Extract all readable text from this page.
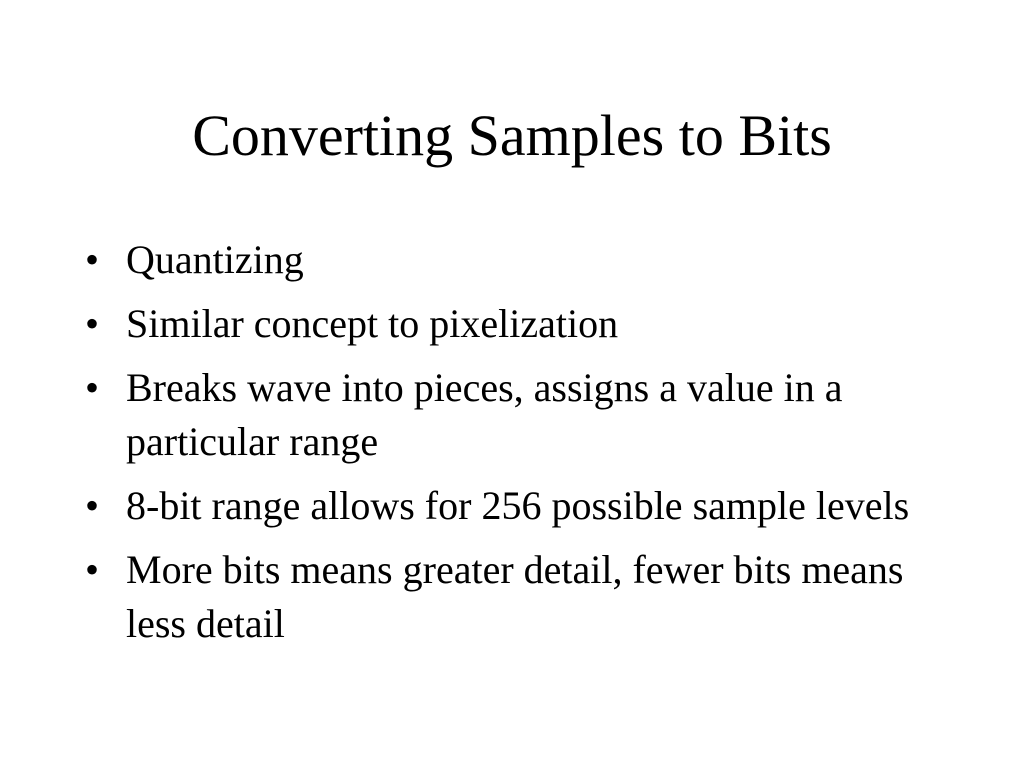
Converting Samples to Bits
• Quantizing
• Similar concept to pixelization
• Breaks wave into pieces, assigns a value in a particular range
• 8-bit range allows for 256 possible sample levels
• More bits means greater detail, fewer bits means less detail
